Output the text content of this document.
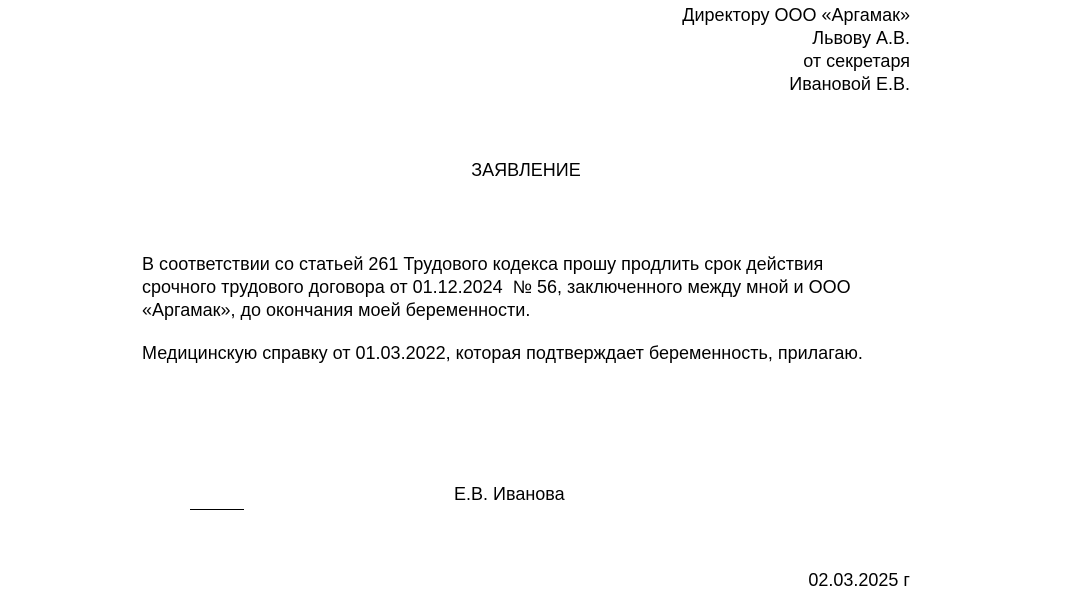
Директору ООО «Аргамак»
Львову А.В.
от секретаря
Ивановой Е.В.
ЗАЯВЛЕНИЕ
В соответствии со статьей 261 Трудового кодекса прошу продлить срок действия
срочного трудового договора от 01.12.2024  № 56, заключенного между мной и ООО
«Аргамак», до окончания моей беременности.
Медицинскую справку от 01.03.2022, которая подтверждает беременность, прилагаю.
Е.В. Иванова
02.03.2025 г
